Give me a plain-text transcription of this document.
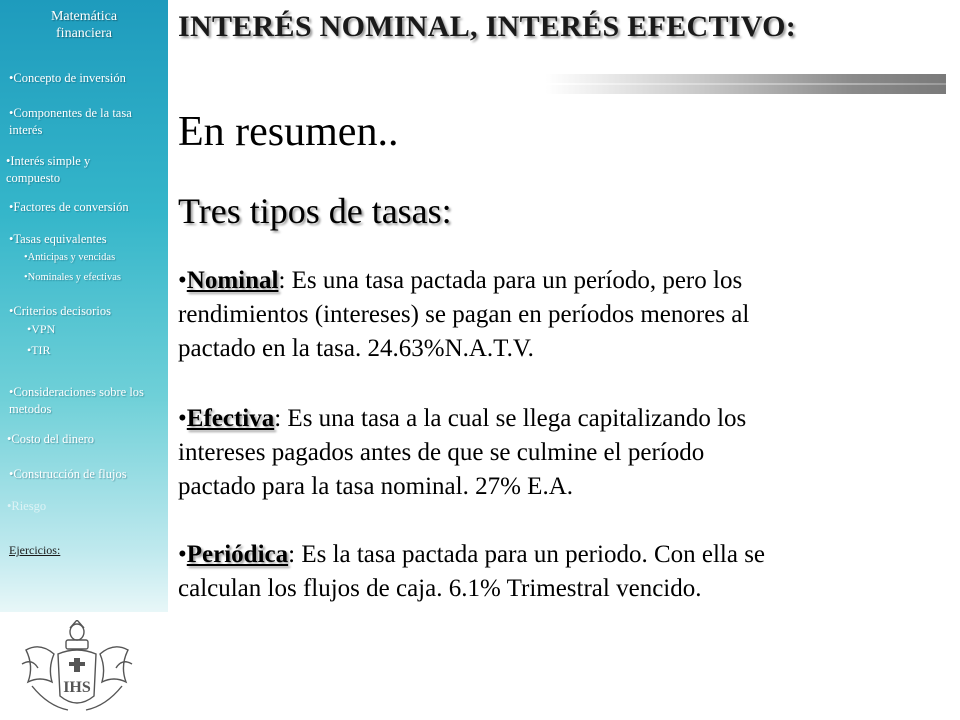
Matemática
financiera
•Concepto de inversión
•Componentes de la tasa interés
•Interés simple y compuesto
•Factores de conversión
•Tasas equivalentes
•Anticipas y vencidas
•Nominales y efectivas
•Criterios decisorios
•VPN
•TIR
•Consideraciones sobre los metodos
•Costo del dinero
•Construcción de flujos
•Riesgo
Ejercicios:
IHS
INTERÉS NOMINAL, INTERÉS EFECTIVO:
En resumen..
Tres tipos de tasas:
•Nominal: Es una tasa pactada para un período, pero los
rendimientos (intereses) se pagan en períodos menores al
pactado en la tasa. 24.63%N.A.T.V.
•Efectiva: Es una tasa a la cual se llega capitalizando los
intereses pagados antes de que se culmine el período
pactado para la tasa nominal. 27% E.A.
•Periódica: Es la tasa pactada para un periodo. Con ella se
calculan los flujos de caja. 6.1% Trimestral vencido.
